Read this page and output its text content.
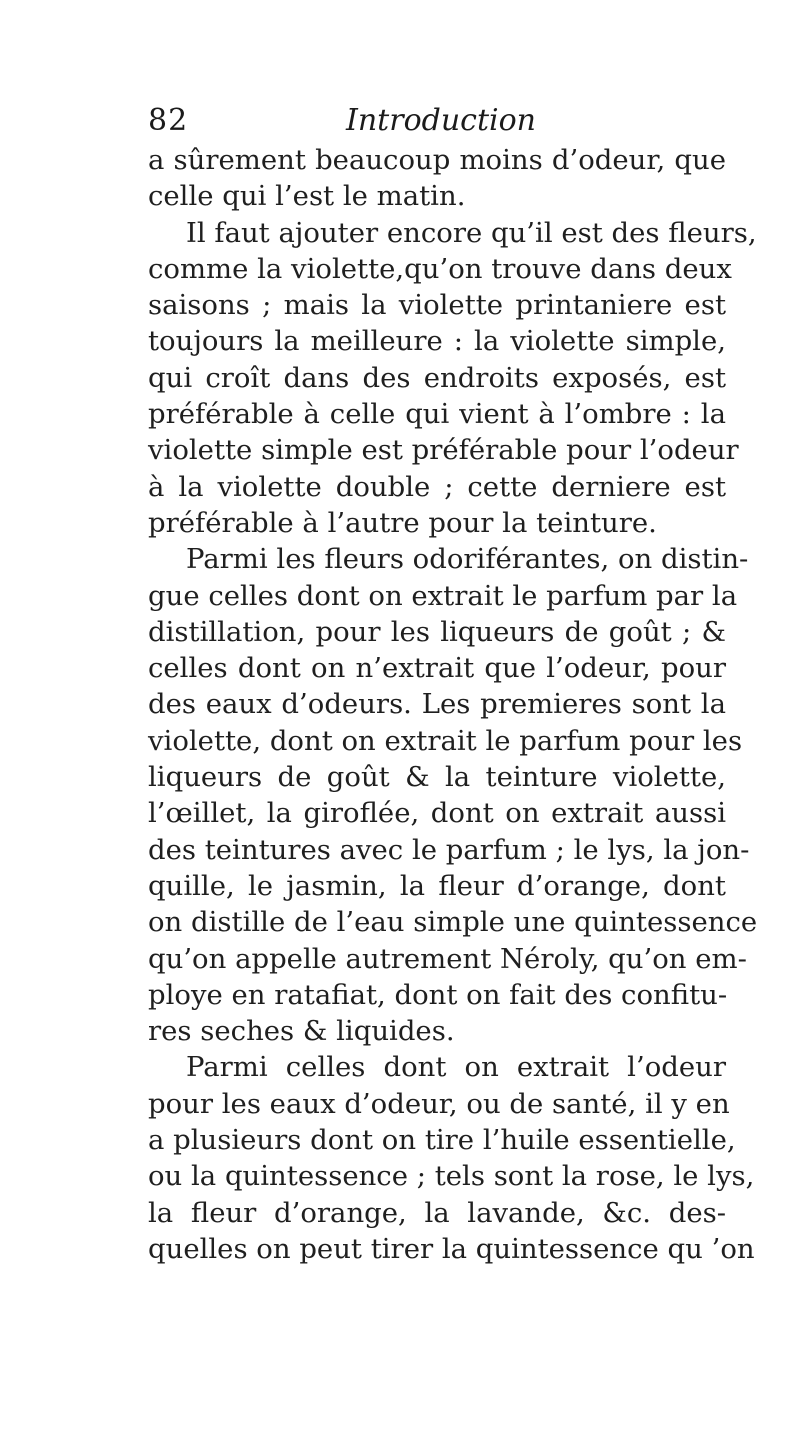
82	Introduction
a sûrement beaucoup moins d’odeur, que
celle qui l’est le matin.
Il faut ajouter encore qu’il est des fleurs,
comme la violette,qu’on trouve dans deux
saisons ; mais la violette printaniere est
toujours la meilleure : la violette simple,
qui croît dans des endroits exposés, est
préférable à celle qui vient à l’ombre : la
violette simple est préférable pour l’odeur
à la violette double ; cette derniere est
préférable à l’autre pour la teinture.
Parmi les fleurs odoriférantes, on distin-
gue celles dont on extrait le parfum par la
distillation, pour les liqueurs de goût ; &
celles dont on n’extrait que l’odeur, pour
des eaux d’odeurs. Les premieres sont la
violette, dont on extrait le parfum pour les
liqueurs de goût & la teinture violette,
l’œillet, la giroflée, dont on extrait aussi
des teintures avec le parfum ; le lys, la jon-
quille, le jasmin, la fleur d’orange, dont
on distille de l’eau simple une quintessence
qu’on appelle autrement Néroly, qu’on em-
ploye en ratafiat, dont on fait des confitu-
res seches & liquides.
Parmi celles dont on extrait l’odeur
pour les eaux d’odeur, ou de santé, il y en
a plusieurs dont on tire l’huile essentielle,
ou la quintessence ; tels sont la rose, le lys,
la fleur d’orange, la lavande, &c. des-
quelles on peut tirer la quintessence qu ’on
